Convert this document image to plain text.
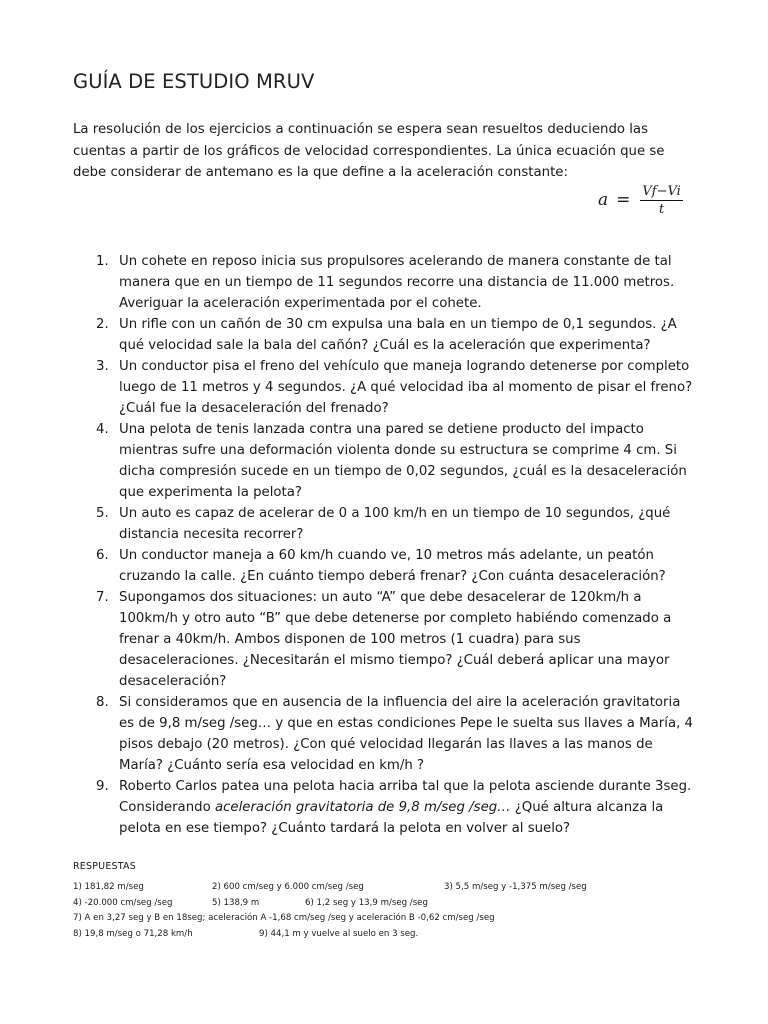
GUÍA DE ESTUDIO MRUV

La resolución de los ejercicios a continuación se espera sean resueltos deduciendo las cuentas a partir de los gráficos de velocidad correspondientes. La única ecuación que se debe considerar de antemano es la que define a la aceleración constante:

$a = \frac{Vf-Vi}{t}$
1. Un cohete en reposo inicia sus propulsores acelerando de manera constante de tal manera que en un tiempo de 11 segundos recorre una distancia de 11.000 metros. Averiguar la aceleración experimentada por el cohete.
2. Un rifle con un cañón de 30 cm expulsa una bala en un tiempo de 0,1 segundos. ¿A qué velocidad sale la bala del cañón? ¿Cuál es la aceleración que experimenta?
3. Un conductor pisa el freno del vehículo que maneja logrando detenerse por completo luego de 11 metros y 4 segundos. ¿A qué velocidad iba al momento de pisar el freno? ¿Cuál fue la desaceleración del frenado?
4. Una pelota de tenis lanzada contra una pared se detiene producto del impacto mientras sufre una deformación violenta donde su estructura se comprime 4 cm. Si dicha compresión sucede en un tiempo de 0,02 segundos, ¿cuál es la desaceleración que experimenta la pelota?
5. Un auto es capaz de acelerar de 0 a 100 km/h en un tiempo de 10 segundos, ¿qué distancia necesita recorrer?
6. Un conductor maneja a 60 km/h cuando ve, 10 metros más adelante, un peatón cruzando la calle. ¿En cuánto tiempo deberá frenar? ¿Con cuánta desaceleración?
7. Supongamos dos situaciones: un auto “A” que debe desacelerar de 120km/h a 100km/h y otro auto “B” que debe detenerse por completo habiéndo comenzado a frenar a 40km/h. Ambos disponen de 100 metros (1 cuadra) para sus desaceleraciones. ¿Necesitarán el mismo tiempo? ¿Cuál deberá aplicar una mayor desaceleración?
8. Si consideramos que en ausencia de la influencia del aire la aceleración gravitatoria es de 9,8 m/seg /seg… y que en estas condiciones Pepe le suelta sus llaves a María, 4 pisos debajo (20 metros). ¿Con qué velocidad llegarán las llaves a las manos de María? ¿Cuánto sería esa velocidad en km/h ?
9. Roberto Carlos patea una pelota hacia arriba tal que la pelota asciende durante 3seg. Considerando aceleración gravitatoria de 9,8 m/seg /seg… ¿Qué altura alcanza la pelota en ese tiempo? ¿Cuánto tardará la pelota en volver al suelo?

RESPUESTAS

1) 181,82 m/seg	2) 600 cm/seg y 6.000 cm/seg /seg	3) 5,5 m/seg y -1,375 m/seg /seg
4) -20.000 cm/seg /seg	5) 138,9 m	6) 1,2 seg y 13,9 m/seg /seg
7) A en 3,27 seg y B en 18seg; aceleración A -1,68 cm/seg /seg y aceleración B -0,62 cm/seg /seg
8) 19,8 m/seg o 71,28 km/h	9) 44,1 m y vuelve al suelo en 3 seg.
